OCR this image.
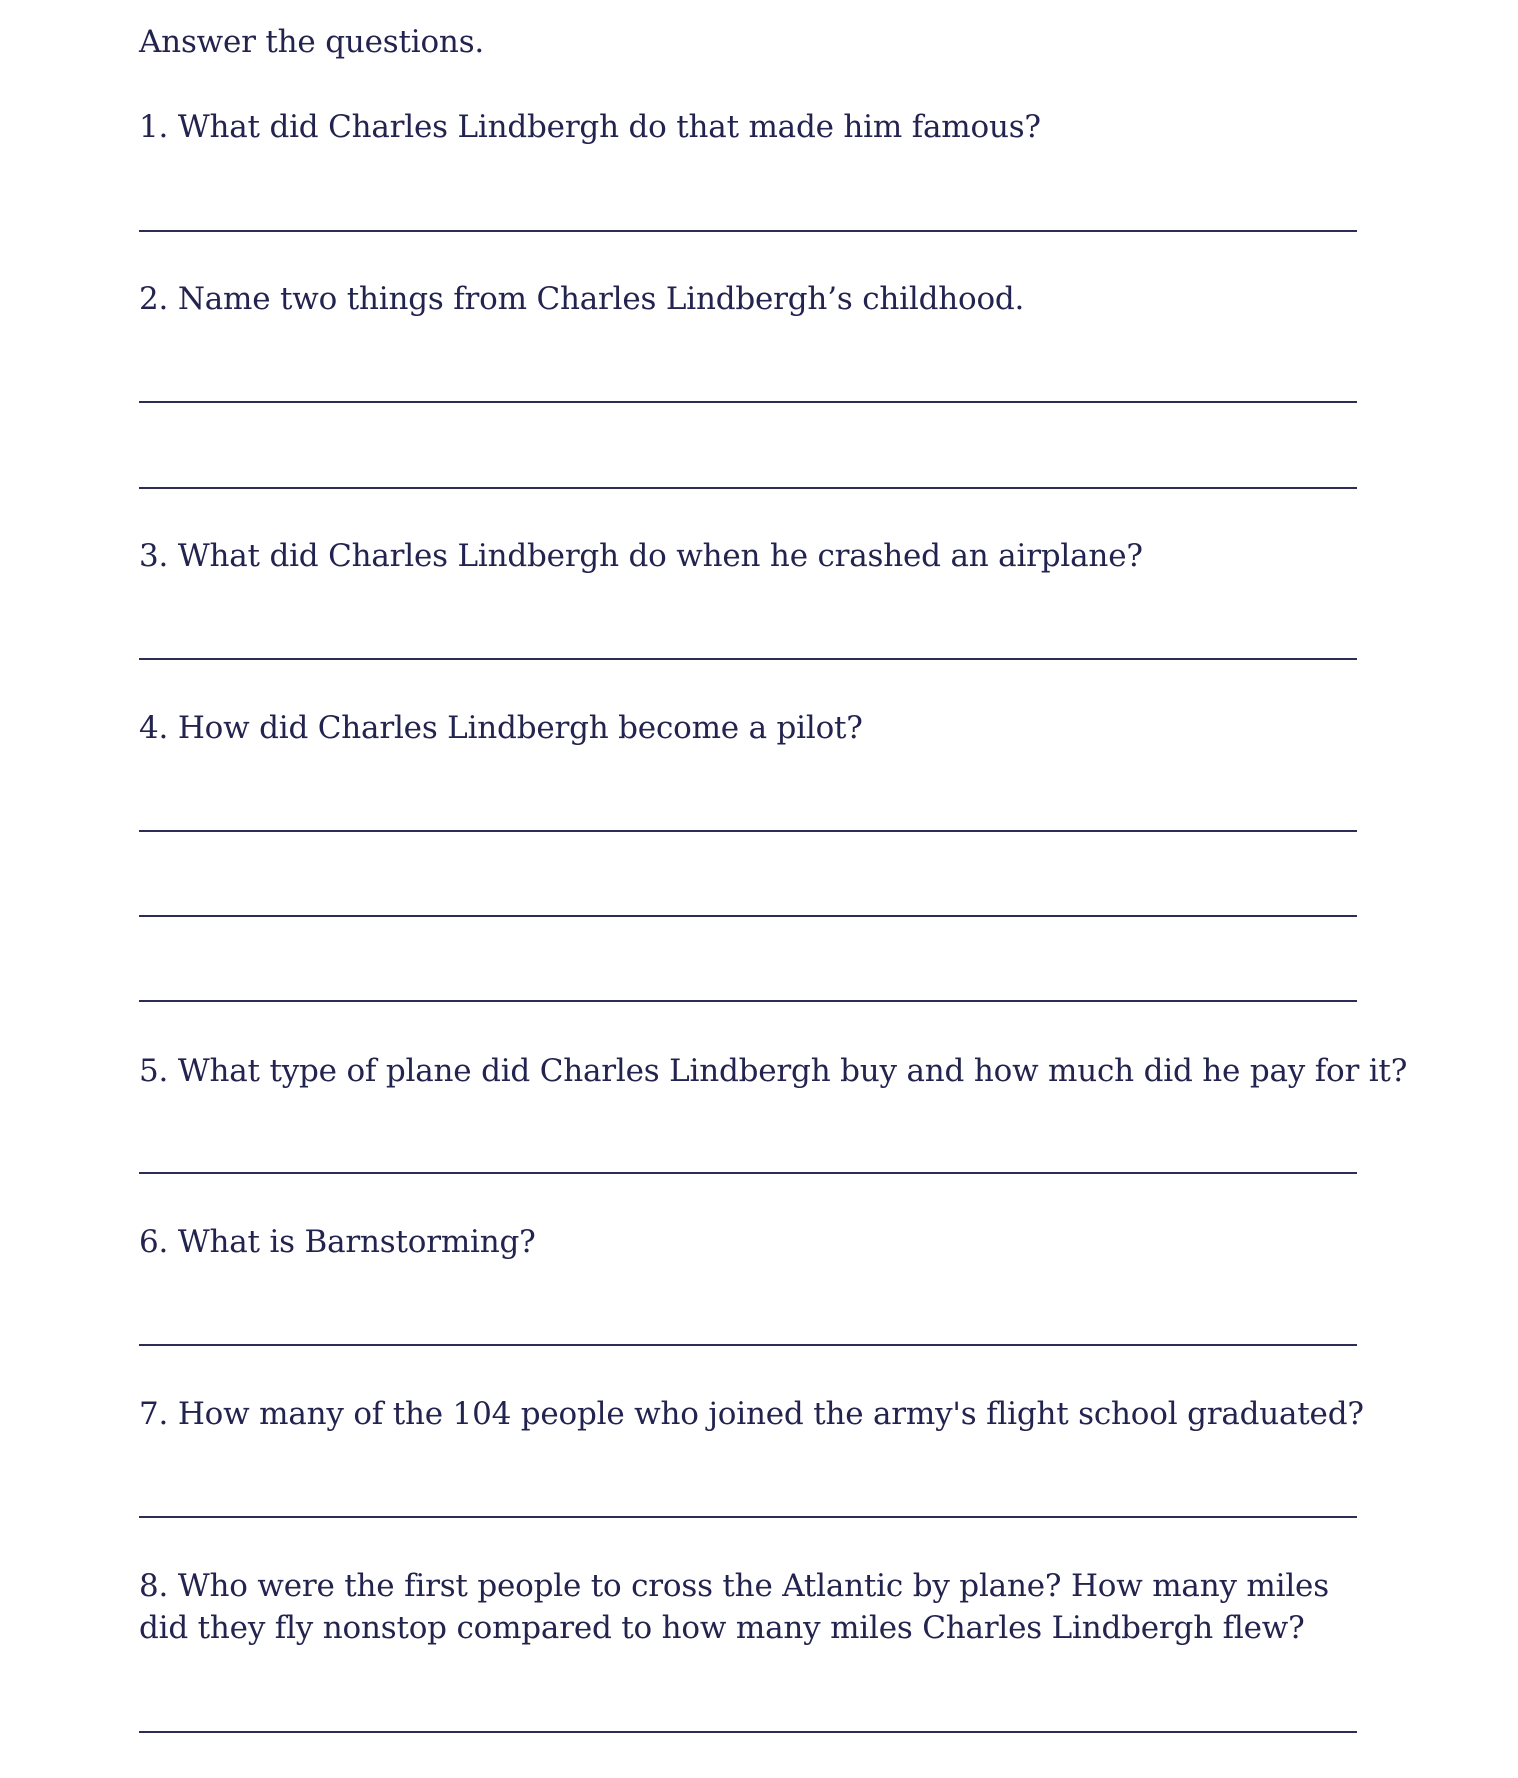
Answer the questions.
1. What did Charles Lindbergh do that made him famous?
2. Name two things from Charles Lindbergh’s childhood.
3. What did Charles Lindbergh do when he crashed an airplane?
4. How did Charles Lindbergh become a pilot?
5. What type of plane did Charles Lindbergh buy and how much did he pay for it?
6. What is Barnstorming?
7. How many of the 104 people who joined the army's flight school graduated?
8. Who were the first people to cross the Atlantic by plane? How many miles did they fly nonstop compared to how many miles Charles Lindbergh flew?
